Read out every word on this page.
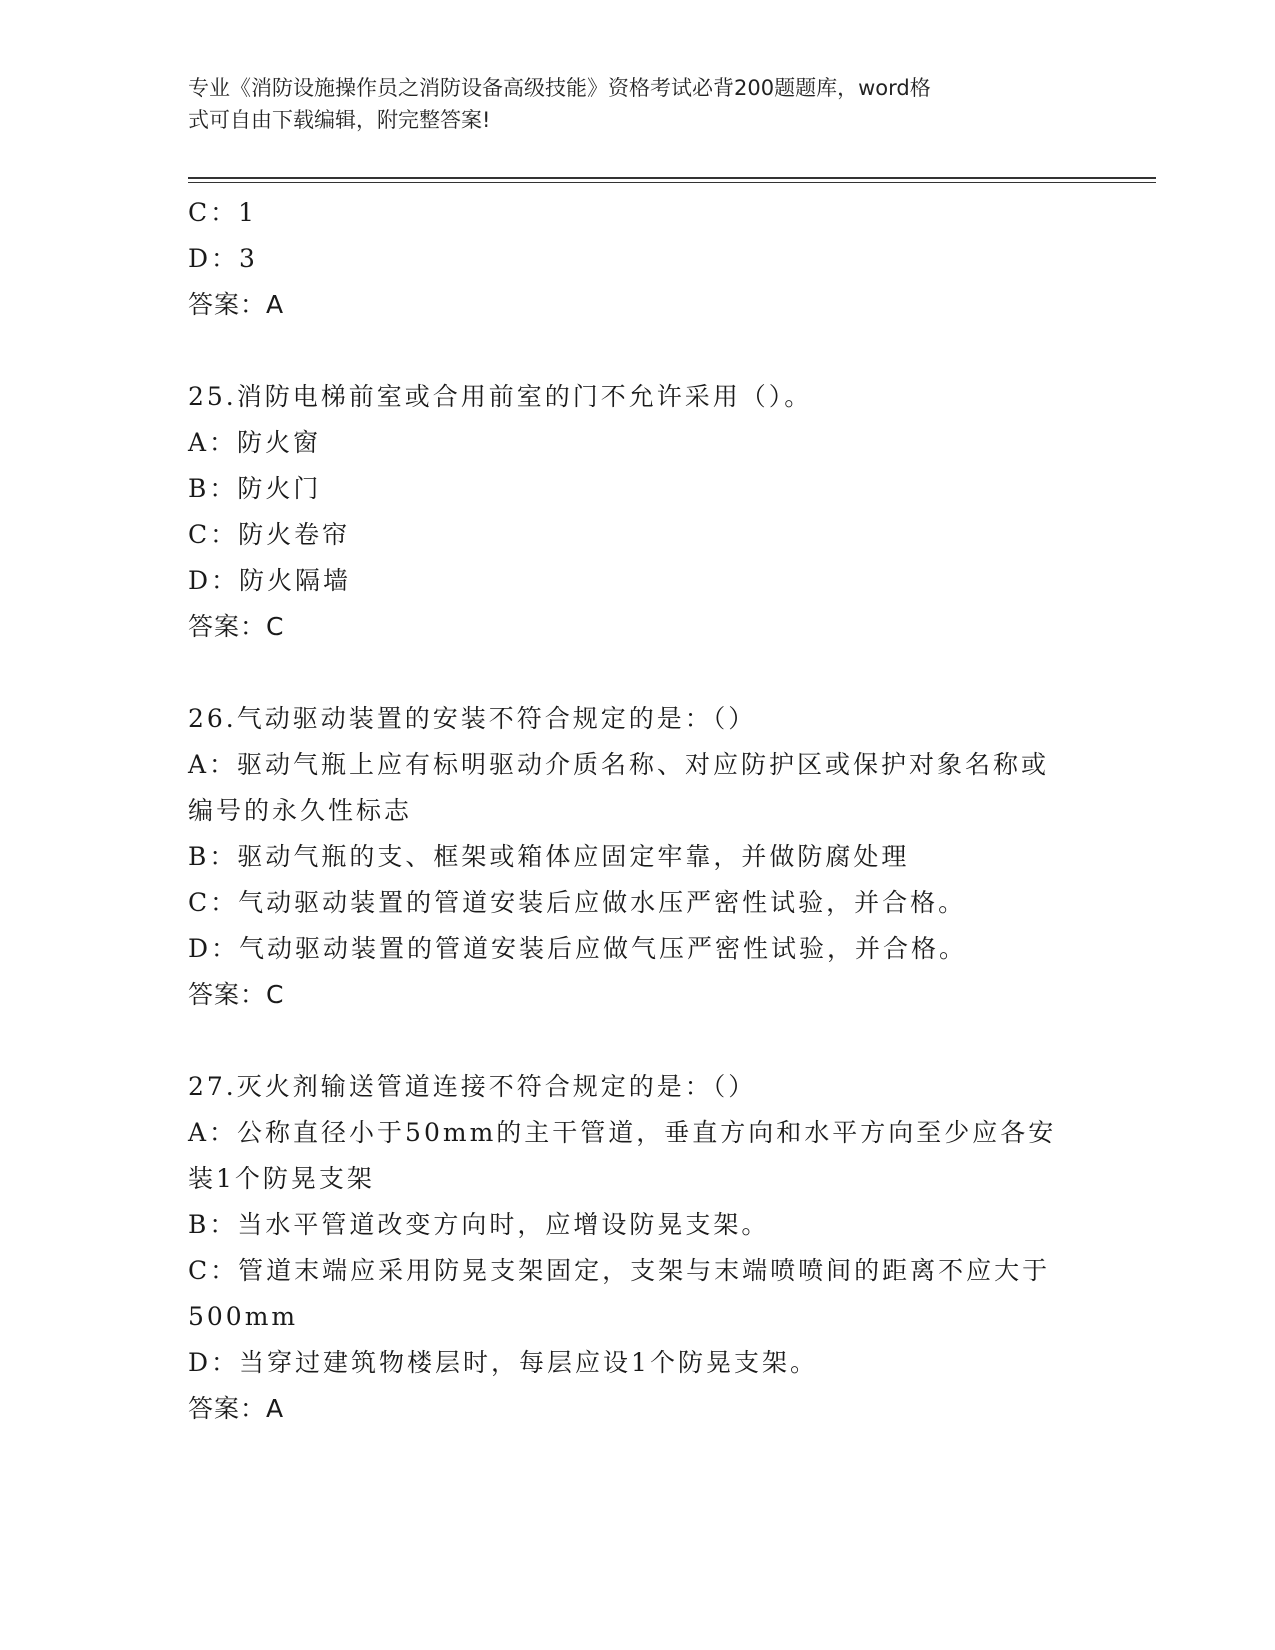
专业《消防设施操作员之消防设备高级技能》资格考试必背200题题库，word格
式可自由下载编辑，附完整答案!
C：1
D：3
答案：A
25.消防电梯前室或合用前室的门不允许采用（）。
A：防火窗
B：防火门
C：防火卷帘
D：防火隔墙
答案：C
26.气动驱动装置的安装不符合规定的是：（）
A：驱动气瓶上应有标明驱动介质名称、对应防护区或保护对象名称或
编号的永久性标志
B：驱动气瓶的支、框架或箱体应固定牢靠，并做防腐处理
C：气动驱动装置的管道安装后应做水压严密性试验，并合格。
D：气动驱动装置的管道安装后应做气压严密性试验，并合格。
答案：C
27.灭火剂输送管道连接不符合规定的是：（）
A：公称直径小于50mm的主干管道，垂直方向和水平方向至少应各安
装1个防晃支架
B：当水平管道改变方向时，应增设防晃支架。
C：管道末端应采用防晃支架固定，支架与末端喷喷间的距离不应大于
500mm
D：当穿过建筑物楼层时，每层应设1个防晃支架。
答案：A
